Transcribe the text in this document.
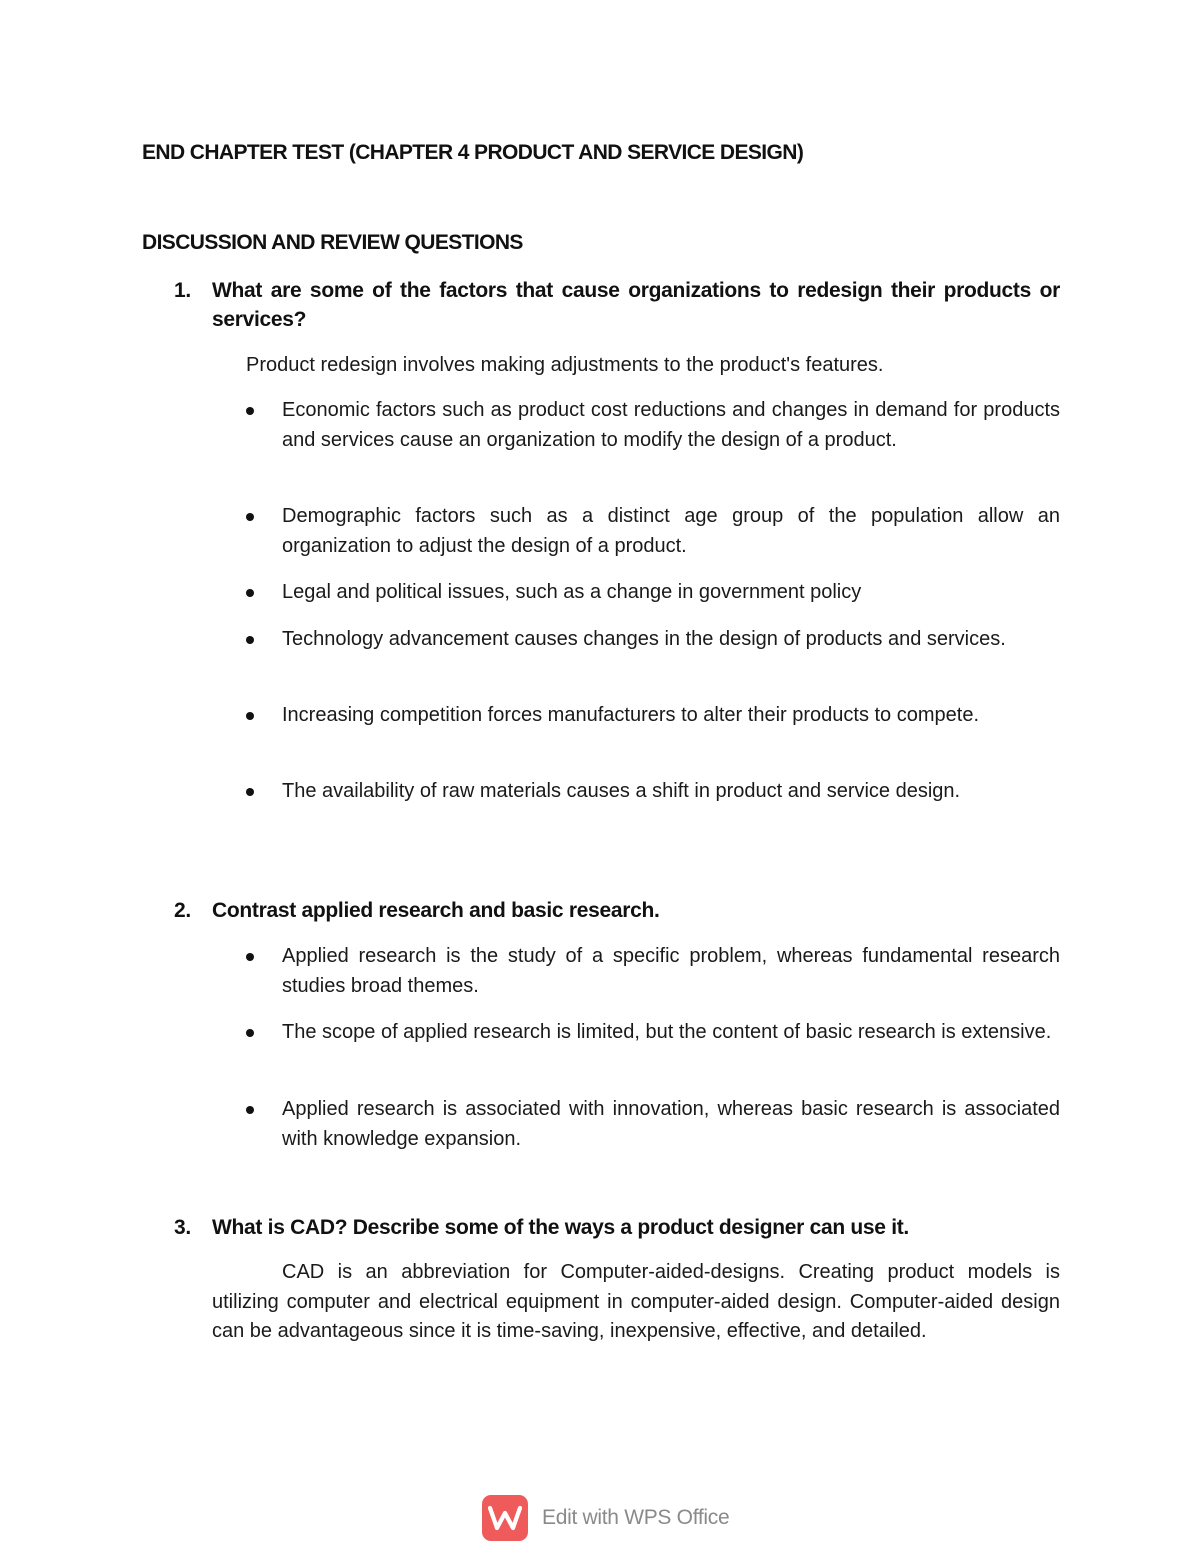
END CHAPTER TEST (CHAPTER 4 PRODUCT AND SERVICE DESIGN)
DISCUSSION AND REVIEW QUESTIONS
1. What are some of the factors that cause organizations to redesign their products or services?
Product redesign involves making adjustments to the product's features.
Economic factors such as product cost reductions and changes in demand for products and services cause an organization to modify the design of a product.
Demographic factors such as a distinct age group of the population allow an organization to adjust the design of a product.
Legal and political issues, such as a change in government policy
Technology advancement causes changes in the design of products and services.
Increasing competition forces manufacturers to alter their products to compete.
The availability of raw materials causes a shift in product and service design.
2. Contrast applied research and basic research.
Applied research is the study of a specific problem, whereas fundamental research studies broad themes.
The scope of applied research is limited, but the content of basic research is extensive.
Applied research is associated with innovation, whereas basic research is associated with knowledge expansion.
3. What is CAD? Describe some of the ways a product designer can use it.
CAD is an abbreviation for Computer-aided-designs. Creating product models is utilizing computer and electrical equipment in computer-aided design. Computer-aided design can be advantageous since it is time-saving, inexpensive, effective, and detailed.
Edit with WPS Office
